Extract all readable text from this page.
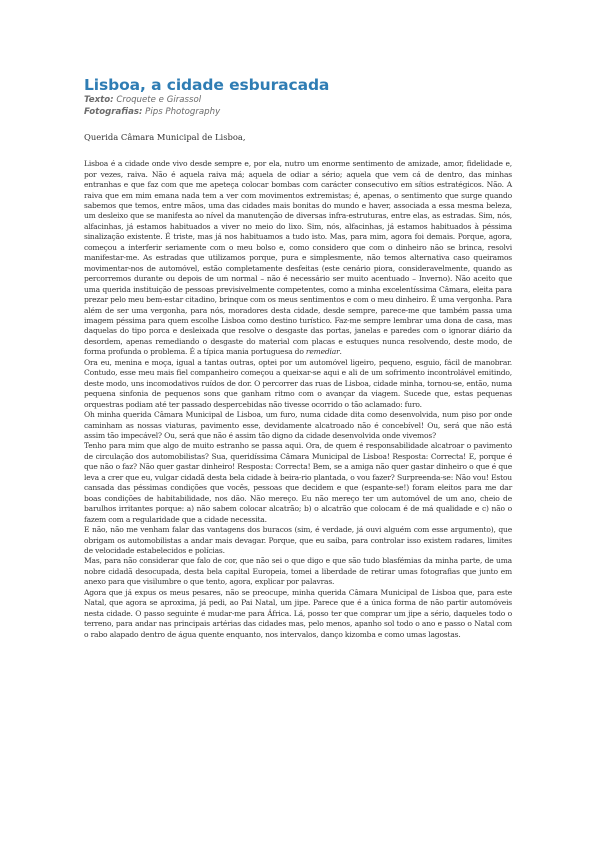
Lisboa, a cidade esburacada

Texto: Croquete e Girassol

Fotografias: Pips Photography

Querida Câmara Municipal de Lisboa,

Lisboa é a cidade onde vivo desde sempre e, por ela, nutro um enorme sentimento de amizade, amor, fidelidade e, por vezes, raiva. Não é aquela raiva má; aquela de odiar a sério; aquela que vem cá de dentro, das minhas entranhas e que faz com que me apeteça colocar bombas com carácter consecutivo em sítios estratégicos. Não. A raiva que em mim emana nada tem a ver com movimentos extremistas; é, apenas, o sentimento que surge quando sabemos que temos, entre mãos, uma das cidades mais bonitas do mundo e haver, associada a essa mesma beleza, um desleixo que se manifesta ao nível da manutenção de diversas infra-estruturas, entre elas, as estradas. Sim, nós, alfacinhas, já estamos habituados a viver no meio do lixo. Sim, nós, alfacinhas, já estamos habituados à péssima sinalização existente. É triste, mas já nos habituamos a tudo isto. Mas, para mim, agora foi demais. Porque, agora, começou a interferir seriamente com o meu bolso e, como considero que com o dinheiro não se brinca, resolvi manifestar-me. As estradas que utilizamos porque, pura e simplesmente, não temos alternativa caso queiramos movimentar-nos de automóvel, estão completamente desfeitas (este cenário piora, consideravelmente, quando as percorremos durante ou depois de um normal – não é necessário ser muito acentuado – Inverno). Não aceito que uma querida instituição de pessoas previsivelmente competentes, como a minha excelentíssima Câmara, eleita para prezar pelo meu bem-estar citadino, brinque com os meus sentimentos e com o meu dinheiro. É uma vergonha. Para além de ser uma vergonha, para nós, moradores desta cidade, desde sempre, parece-me que também passa uma imagem péssima para quem escolhe Lisboa como destino turístico. Faz-me sempre lembrar uma dona de casa, mas daquelas do tipo porca e desleixada que resolve o desgaste das portas, janelas e paredes com o ignorar diário da desordem, apenas remediando o desgaste do material com placas e estuques nunca resolvendo, deste modo, de forma profunda o problema. É a típica mania portuguesa do remediar.

Ora eu, menina e moça, igual a tantas outras, optei por um automóvel ligeiro, pequeno, esguio, fácil de manobrar. Contudo, esse meu mais fiel companheiro começou a queixar-se aqui e ali de um sofrimento incontrolável emitindo, deste modo, uns incomodativos ruídos de dor. O percorrer das ruas de Lisboa, cidade minha, tornou-se, então, numa pequena sinfonia de pequenos sons que ganham ritmo com o avançar da viagem. Sucede que, estas pequenas orquestras podiam até ter passado despercebidas não tivesse ocorrido o tão aclamado: furo.

Oh minha querida Câmara Municipal de Lisboa, um furo, numa cidade dita como desenvolvida, num piso por onde caminham as nossas viaturas, pavimento esse, devidamente alcatroado não é concebível! Ou, será que não está assim tão impecável? Ou, será que não é assim tão digno da cidade desenvolvida onde vivemos?

Tenho para mim que algo de muito estranho se passa aqui. Ora, de quem é responsabilidade alcatroar o pavimento de circulação dos automobilistas? Sua, queridíssima Câmara Municipal de Lisboa! Resposta: Correcta! E, porque é que não o faz? Não quer gastar dinheiro! Resposta: Correcta! Bem, se a amiga não quer gastar dinheiro o que é que leva a crer que eu, vulgar cidadã desta bela cidade à beira-rio plantada, o vou fazer? Surpreenda-se: Não vou! Estou cansada das péssimas condições que vocês, pessoas que decidem e que (espante-se!) foram eleitos para me dar boas condições de habitabilidade, nos dão. Não mereço. Eu não mereço ter um automóvel de um ano, cheio de barulhos irritantes porque: a) não sabem colocar alcatrão; b) o alcatrão que colocam é de má qualidade e c) não o fazem com a regularidade que a cidade necessita.

E não, não me venham falar das vantagens dos buracos (sim, é verdade, já ouvi alguém com esse argumento), que obrigam os automobilistas a andar mais devagar. Porque, que eu saiba, para controlar isso existem radares, limites de velocidade estabelecidos e polícias.

Mas, para não considerar que falo de cor, que não sei o que digo e que são tudo blasfémias da minha parte, de uma nobre cidadã desocupada, desta bela capital Europeia, tomei a liberdade de retirar umas fotografias que junto em anexo para que visilumbre o que tento, agora, explicar por palavras.

Agora que já expus os meus pesares, não se preocupe, minha querida Câmara Municipal de Lisboa que, para este Natal, que agora se aproxima, já pedi, ao Pai Natal, um jipe. Parece que é a única forma de não partir automóveis nesta cidade. O passo seguinte é mudar-me para África. Lá, posso ter que comprar um jipe a sério, daqueles todo o terreno, para andar nas principais artérias das cidades mas, pelo menos, apanho sol todo o ano e passo o Natal com o rabo alapado dentro de água quente enquanto, nos intervalos, danço kizomba e como umas lagostas.
